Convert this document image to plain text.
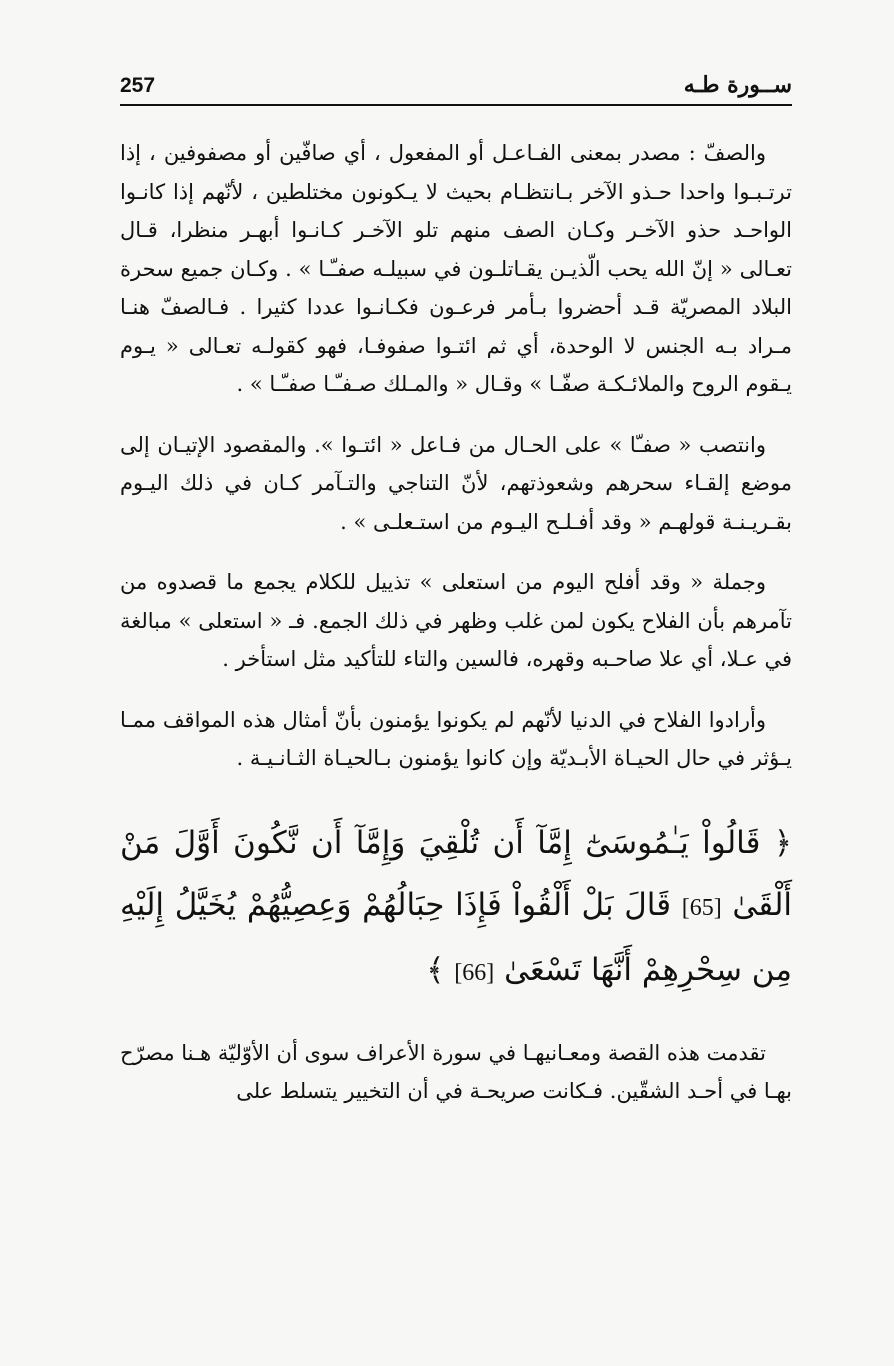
257	ســورة طـه

والصفّ : مصدر بمعنى الفـاعـل أو المفعول ، أي صافّين أو مصفوفين ، إذا ترتـبـوا واحدا حـذو الآخر بـانتظـام بحيث لا يـكونون مختلطين ، لأنّهم إذا كانـوا الواحـد حذو الآخـر وكـان الصف منهم تلو الآخـر كـانـوا أبهـر منظرا، قـال تعـالى « إنّ الله يحب الّذيـن يقـاتلـون في سبيلـه صفـّـا » . وكـان جميع سحرة البلاد المصريّة قـد أحضروا بـأمر فرعـون فكـانـوا عددا كثيرا . فـالصفّ هنـا مـراد بـه الجنس لا الوحدة، أي ثم ائتـوا صفوفـا، فهو كقولـه تعـالى « يـوم يـقوم الروح والملائـكـة صفّـا » وقـال « والمـلك صـفـّـا صفـّـا » .

وانتصب « صفـّا » على الحـال من فـاعل « ائتـوا ». والمقصود الإتيـان إلى موضع إلقـاء سحرهم وشعوذتهم، لأنّ التناجي والتـآمر كـان في ذلك اليـوم بقـريـنـة قولهـم « وقد أفـلـح اليـوم من استـعلـى » .

وجملة « وقد أفلح اليوم من استعلى » تذييل للكلام يجمع ما قصدوه من تآمرهم بأن الفلاح يكون لمن غلب وظهر في ذلك الجمع. فـ « استعلى » مبالغة في عـلا، أي علا صاحـبه وقهره، فالسين والتاء للتأكيد مثل استأخر .

وأرادوا الفلاح في الدنيا لأنّهم لم يكونوا يؤمنون بأنّ أمثال هذه المواقف ممـا يـؤثر في حال الحيـاة الأبـديّة وإن كانوا يؤمنون بـالحيـاة الثـانـيـة .

﴿ قَالُواْ يَـٰمُوسَىٰٓ إِمَّآ أَن تُلْقِيَ وَإِمَّآ أَن نَّكُونَ أَوَّلَ مَنْ أَلْقَىٰ [65] قَالَ بَلْ أَلْقُواْ فَإِذَا حِبَالُهُمْ وَعِصِيُّهُمْ يُخَيَّلُ إِلَيْهِ مِن سِحْرِهِمْ أَنَّهَا تَسْعَىٰ [66] ﴾

تقدمت هذه القصة ومعـانيهـا في سورة الأعراف سوى أن الأوّليّة هـنا مصرّح بهـا في أحـد الشقّين. فـكانت صريحـة في أن التخيير يتسلط على
